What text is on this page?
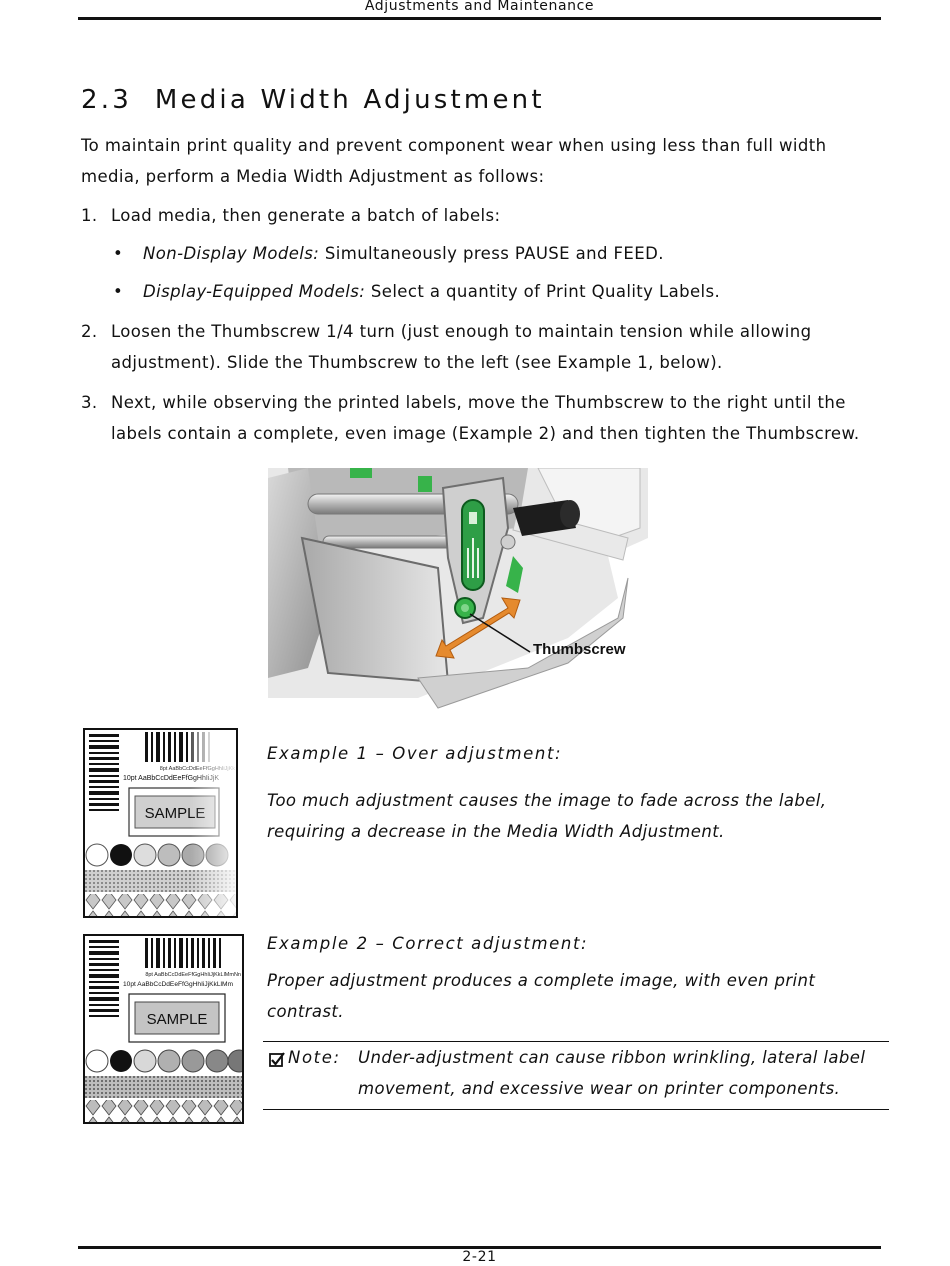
Adjustments and Maintenance
2.3 Media Width Adjustment

To maintain print quality and prevent component wear when using less than full width media, perform a Media Width Adjustment as follows:

1. Load media, then generate a batch of labels:
• Non-Display Models: Simultaneously press PAUSE and FEED.
• Display-Equipped Models: Select a quantity of Print Quality Labels.
2. Loosen the Thumbscrew 1/4 turn (just enough to maintain tension while allowing adjustment). Slide the Thumbscrew to the left (see Example 1, below).
3. Next, while observing the printed labels, move the Thumbscrew to the right until the labels contain a complete, even image (Example 2) and then tighten the Thumbscrew.
Thumbscrew

Example 1 – Over adjustment:

Too much adjustment causes the image to fade across the label, requiring a decrease in the Media Width Adjustment.

8pt AaBbCcDdEeFfGgHhIiJjKkLlMmNn
10pt AaBbCcDdEeFfGgHhIiJjKkLlMm
SAMPLE

Example 2 – Correct adjustment:

Proper adjustment produces a complete image, with even print contrast.

Note: Under-adjustment can cause ribbon wrinkling, lateral label movement, and excessive wear on printer components.
2-21
